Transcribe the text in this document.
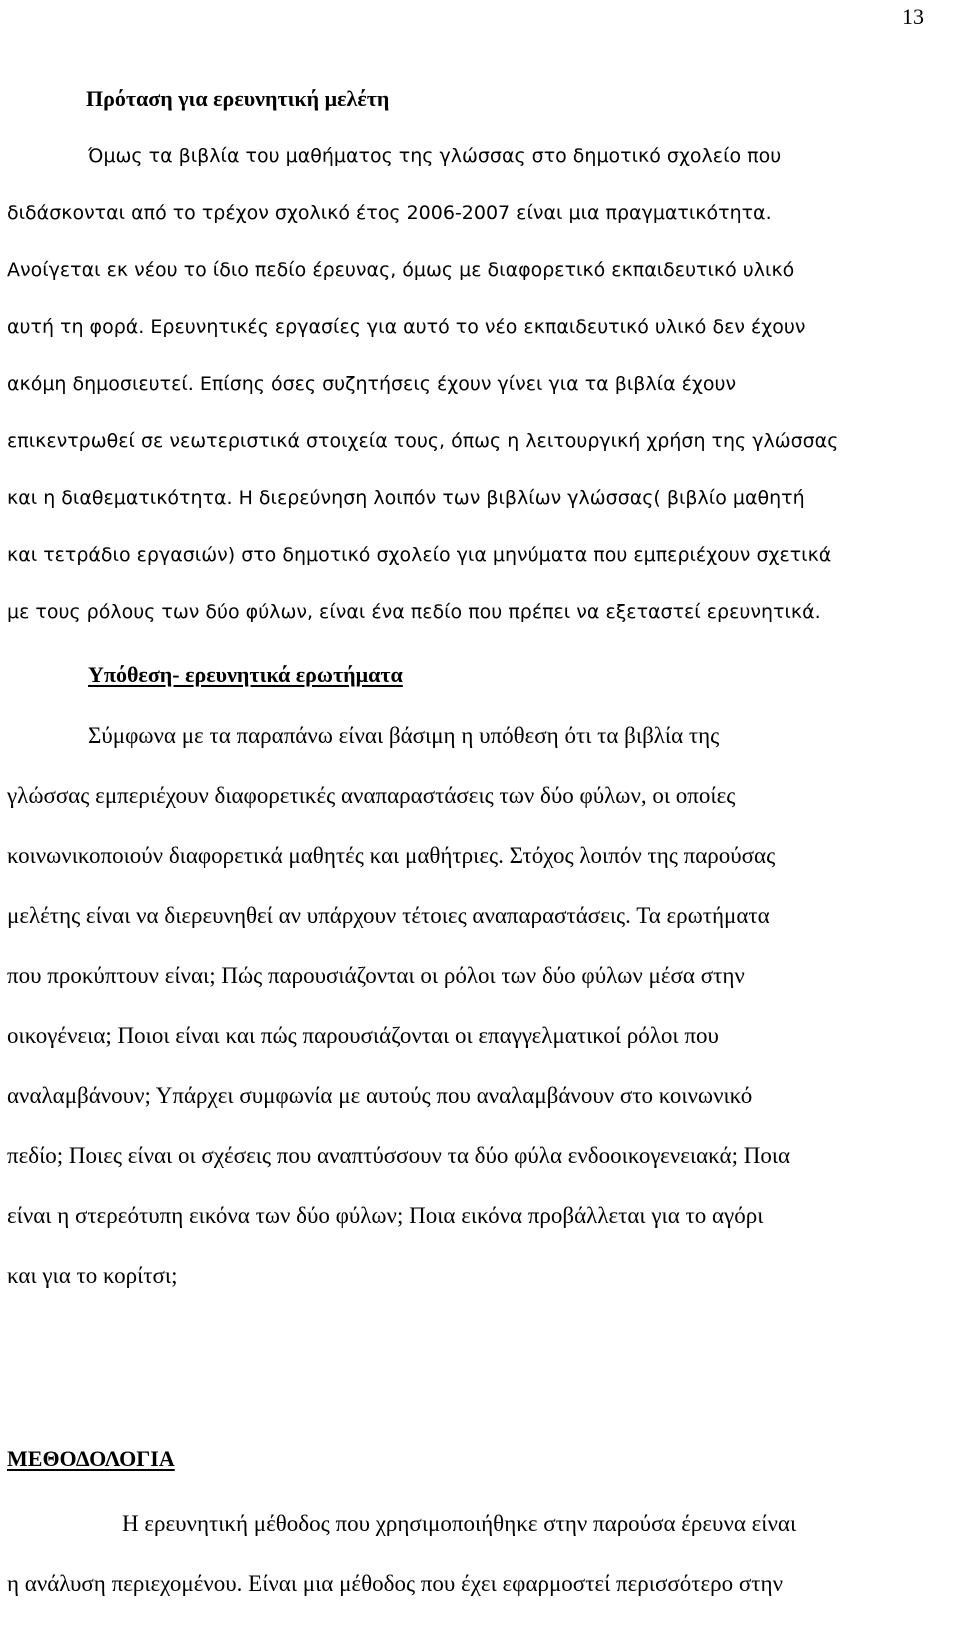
13
Πρόταση για ερευνητική μελέτη
Όμως τα βιβλία του μαθήματος της γλώσσας στο δημοτικό σχολείο που
διδάσκονται από το τρέχον σχολικό έτος 2006-2007 είναι μια πραγματικότητα.
Ανοίγεται εκ νέου το ίδιο πεδίο έρευνας, όμως με διαφορετικό εκπαιδευτικό υλικό
αυτή τη φορά. Ερευνητικές εργασίες για αυτό το νέο εκπαιδευτικό υλικό δεν έχουν
ακόμη δημοσιευτεί. Επίσης όσες συζητήσεις έχουν γίνει για τα βιβλία έχουν
επικεντρωθεί σε νεωτεριστικά στοιχεία τους, όπως η λειτουργική χρήση της γλώσσας
και η διαθεματικότητα. Η διερεύνηση λοιπόν των βιβλίων γλώσσας( βιβλίο μαθητή
και τετράδιο εργασιών) στο δημοτικό σχολείο για μηνύματα που εμπεριέχουν σχετικά
με τους ρόλους των δύο φύλων, είναι ένα πεδίο που πρέπει να εξεταστεί ερευνητικά.
Υπόθεση- ερευνητικά ερωτήματα
Σύμφωνα με τα παραπάνω είναι βάσιμη η υπόθεση ότι τα βιβλία της
γλώσσας εμπεριέχουν διαφορετικές αναπαραστάσεις των δύο φύλων, οι οποίες
κοινωνικοποιούν διαφορετικά μαθητές και μαθήτριες. Στόχος λοιπόν της παρούσας
μελέτης είναι να διερευνηθεί αν υπάρχουν τέτοιες αναπαραστάσεις. Τα ερωτήματα
που προκύπτουν είναι; Πώς παρουσιάζονται οι ρόλοι των δύο φύλων μέσα στην
οικογένεια; Ποιοι είναι και πώς παρουσιάζονται οι επαγγελματικοί ρόλοι που
αναλαμβάνουν; Υπάρχει συμφωνία με αυτούς που αναλαμβάνουν στο κοινωνικό
πεδίο; Ποιες είναι οι σχέσεις που αναπτύσσουν τα δύο φύλα ενδοοικογενειακά; Ποια
είναι η στερεότυπη εικόνα των δύο φύλων; Ποια εικόνα προβάλλεται για το αγόρι
και για το κορίτσι;
ΜΕΘΟΔΟΛΟΓΙΑ
Η ερευνητική μέθοδος που χρησιμοποιήθηκε στην παρούσα έρευνα είναι
η ανάλυση περιεχομένου. Είναι μια μέθοδος που έχει εφαρμοστεί περισσότερο στην
